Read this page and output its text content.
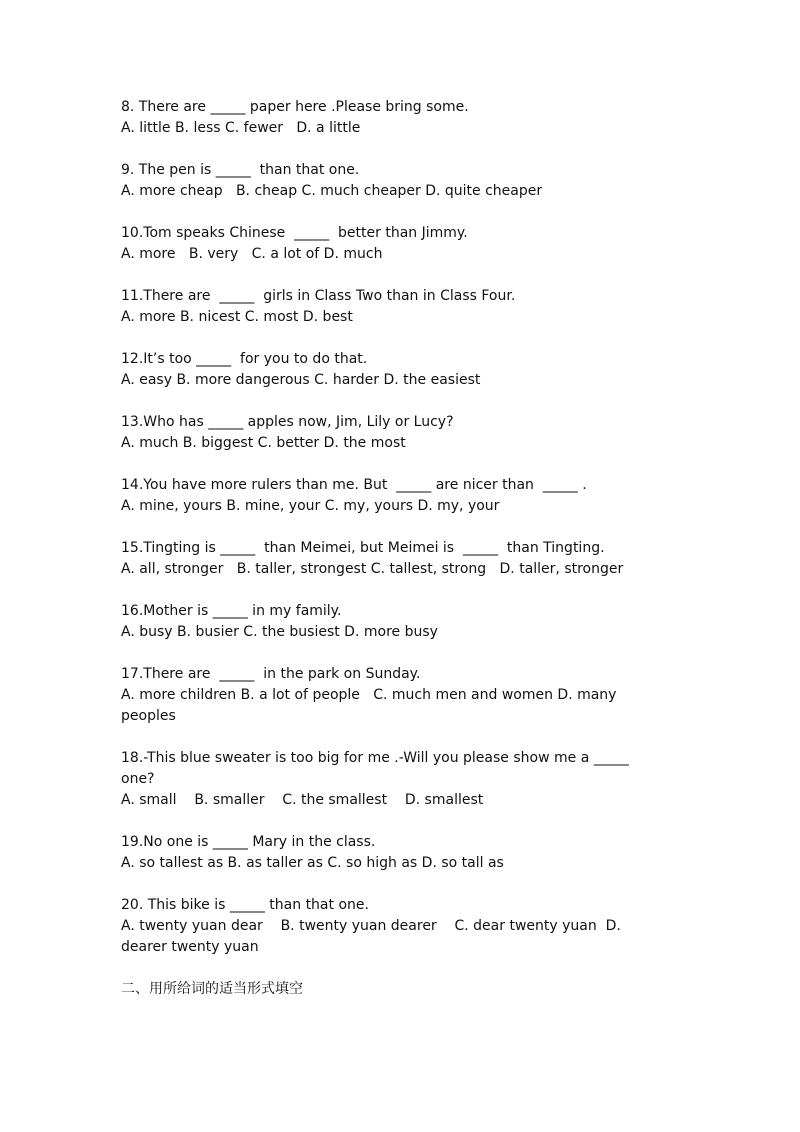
8. There are _____ paper here .Please bring some.
A. little B. less C. fewer   D. a little
9. The pen is _____  than that one.
A. more cheap   B. cheap C. much cheaper D. quite cheaper
10.Tom speaks Chinese  _____  better than Jimmy.
A. more   B. very   C. a lot of D. much
11.There are  _____  girls in Class Two than in Class Four.
A. more B. nicest C. most D. best
12.It’s too _____  for you to do that.
A. easy B. more dangerous C. harder D. the easiest
13.Who has _____ apples now, Jim, Lily or Lucy?
A. much B. biggest C. better D. the most
14.You have more rulers than me. But  _____ are nicer than  _____ .
A. mine, yours B. mine, your C. my, yours D. my, your
15.Tingting is _____  than Meimei, but Meimei is  _____  than Tingting.
A. all, stronger   B. taller, strongest C. tallest, strong   D. taller, stronger
16.Mother is _____ in my family.
A. busy B. busier C. the busiest D. more busy
17.There are  _____  in the park on Sunday.
A. more children B. a lot of people   C. much men and women D. many peoples
18.-This blue sweater is too big for me .-Will you please show me a _____ one?
A. small    B. smaller    C. the smallest    D. smallest
19.No one is _____ Mary in the class.
A. so tallest as B. as taller as C. so high as D. so tall as
20. This bike is _____ than that one.
A. twenty yuan dear    B. twenty yuan dearer    C. dear twenty yuan  D. dearer twenty yuan
二、用所给词的适当形式填空
